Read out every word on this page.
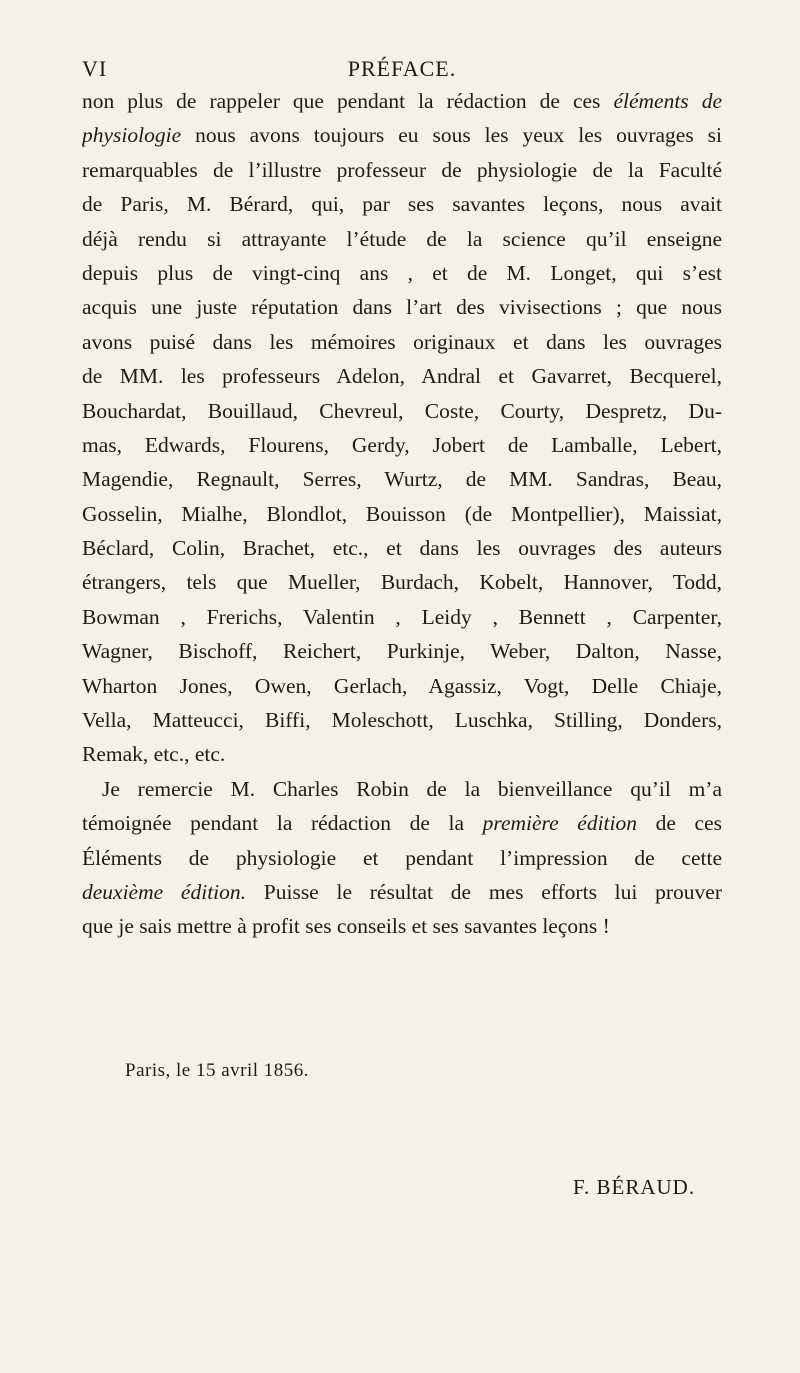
VI	PRÉFACE.
non plus de rappeler que pendant la rédaction de ces éléments de
physiologie nous avons toujours eu sous les yeux les ouvrages si
remarquables de l’illustre professeur de physiologie de la Faculté
de Paris, M. Bérard, qui, par ses savantes leçons, nous avait
déjà rendu si attrayante l’étude de la science qu’il enseigne
depuis plus de vingt-cinq ans , et de M. Longet, qui s’est
acquis une juste réputation dans l’art des vivisections ; que nous
avons puisé dans les mémoires originaux et dans les ouvrages
de MM. les professeurs Adelon, Andral et Gavarret, Becquerel,
Bouchardat, Bouillaud, Chevreul, Coste, Courty, Despretz, Du-
mas, Edwards, Flourens, Gerdy, Jobert de Lamballe, Lebert,
Magendie, Regnault, Serres, Wurtz, de MM. Sandras, Beau,
Gosselin, Mialhe, Blondlot, Bouisson (de Montpellier), Maissiat,
Béclard, Colin, Brachet, etc., et dans les ouvrages des auteurs
étrangers, tels que Mueller, Burdach, Kobelt, Hannover, Todd,
Bowman , Frerichs, Valentin , Leidy , Bennett , Carpenter,
Wagner, Bischoff, Reichert, Purkinje, Weber, Dalton, Nasse,
Wharton Jones, Owen, Gerlach, Agassiz, Vogt, Delle Chiaje,
Vella, Matteucci, Biffi, Moleschott, Luschka, Stilling, Donders,
Remak, etc., etc.
Je remercie M. Charles Robin de la bienveillance qu’il m’a
témoignée pendant la rédaction de la première édition de ces
Éléments de physiologie et pendant l’impression de cette
deuxième édition. Puisse le résultat de mes efforts lui prouver
que je sais mettre à profit ses conseils et ses savantes leçons !
Paris, le 15 avril 1856.
F. BÉRAUD.
